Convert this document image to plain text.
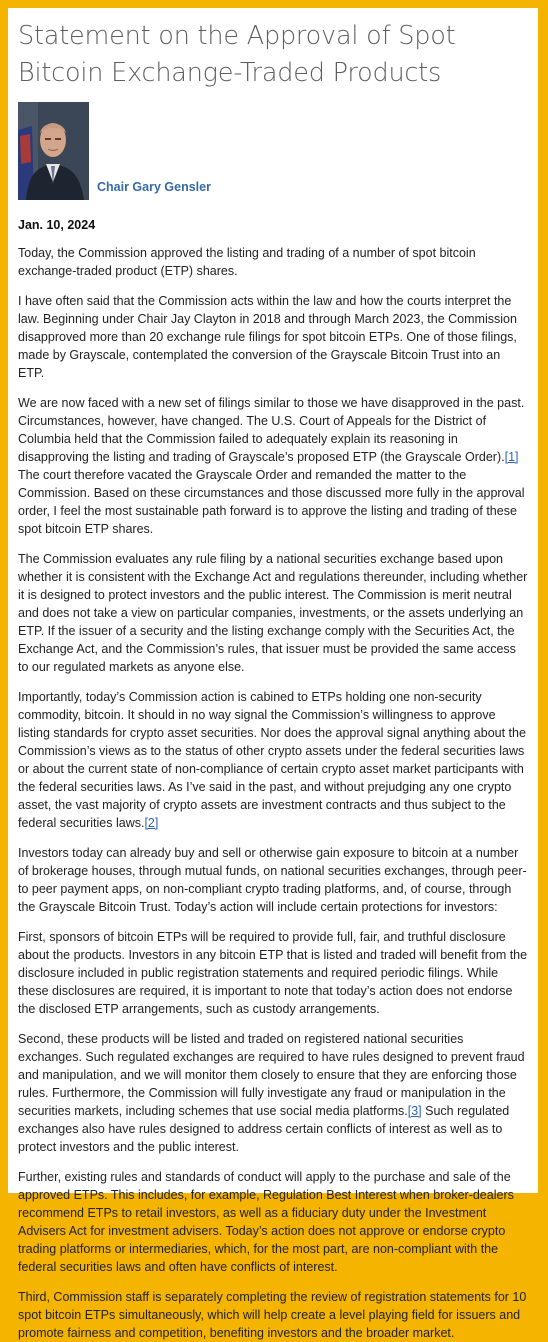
Statement on the Approval of Spot Bitcoin Exchange-Traded Products
Chair Gary Gensler

Jan. 10, 2024

Today, the Commission approved the listing and trading of a number of spot bitcoin exchange-traded product (ETP) shares.

I have often said that the Commission acts within the law and how the courts interpret the law. Beginning under Chair Jay Clayton in 2018 and through March 2023, the Commission disapproved more than 20 exchange rule filings for spot bitcoin ETPs. One of those filings, made by Grayscale, contemplated the conversion of the Grayscale Bitcoin Trust into an ETP.

We are now faced with a new set of filings similar to those we have disapproved in the past. Circumstances, however, have changed. The U.S. Court of Appeals for the District of Columbia held that the Commission failed to adequately explain its reasoning in disapproving the listing and trading of Grayscale’s proposed ETP (the Grayscale Order).[1] The court therefore vacated the Grayscale Order and remanded the matter to the Commission. Based on these circumstances and those discussed more fully in the approval order, I feel the most sustainable path forward is to approve the listing and trading of these spot bitcoin ETP shares.

The Commission evaluates any rule filing by a national securities exchange based upon whether it is consistent with the Exchange Act and regulations thereunder, including whether it is designed to protect investors and the public interest. The Commission is merit neutral and does not take a view on particular companies, investments, or the assets underlying an ETP. If the issuer of a security and the listing exchange comply with the Securities Act, the Exchange Act, and the Commission’s rules, that issuer must be provided the same access to our regulated markets as anyone else.

Importantly, today’s Commission action is cabined to ETPs holding one non-security commodity, bitcoin. It should in no way signal the Commission’s willingness to approve listing standards for crypto asset securities. Nor does the approval signal anything about the Commission’s views as to the status of other crypto assets under the federal securities laws or about the current state of non-compliance of certain crypto asset market participants with the federal securities laws. As I’ve said in the past, and without prejudging any one crypto asset, the vast majority of crypto assets are investment contracts and thus subject to the federal securities laws.[2]

Investors today can already buy and sell or otherwise gain exposure to bitcoin at a number of brokerage houses, through mutual funds, on national securities exchanges, through peer-to peer payment apps, on non-compliant crypto trading platforms, and, of course, through the Grayscale Bitcoin Trust. Today’s action will include certain protections for investors:

First, sponsors of bitcoin ETPs will be required to provide full, fair, and truthful disclosure about the products. Investors in any bitcoin ETP that is listed and traded will benefit from the disclosure included in public registration statements and required periodic filings. While these disclosures are required, it is important to note that today’s action does not endorse the disclosed ETP arrangements, such as custody arrangements.

Second, these products will be listed and traded on registered national securities exchanges. Such regulated exchanges are required to have rules designed to prevent fraud and manipulation, and we will monitor them closely to ensure that they are enforcing those rules. Furthermore, the Commission will fully investigate any fraud or manipulation in the securities markets, including schemes that use social media platforms.[3] Such regulated exchanges also have rules designed to address certain conflicts of interest as well as to protect investors and the public interest.

Further, existing rules and standards of conduct will apply to the purchase and sale of the approved ETPs. This includes, for example, Regulation Best Interest when broker-dealers recommend ETPs to retail investors, as well as a fiduciary duty under the Investment Advisers Act for investment advisers. Today’s action does not approve or endorse crypto trading platforms or intermediaries, which, for the most part, are non-compliant with the federal securities laws and often have conflicts of interest.

Third, Commission staff is separately completing the review of registration statements for 10 spot bitcoin ETPs simultaneously, which will help create a level playing field for issuers and promote fairness and competition, benefiting investors and the broader market.
